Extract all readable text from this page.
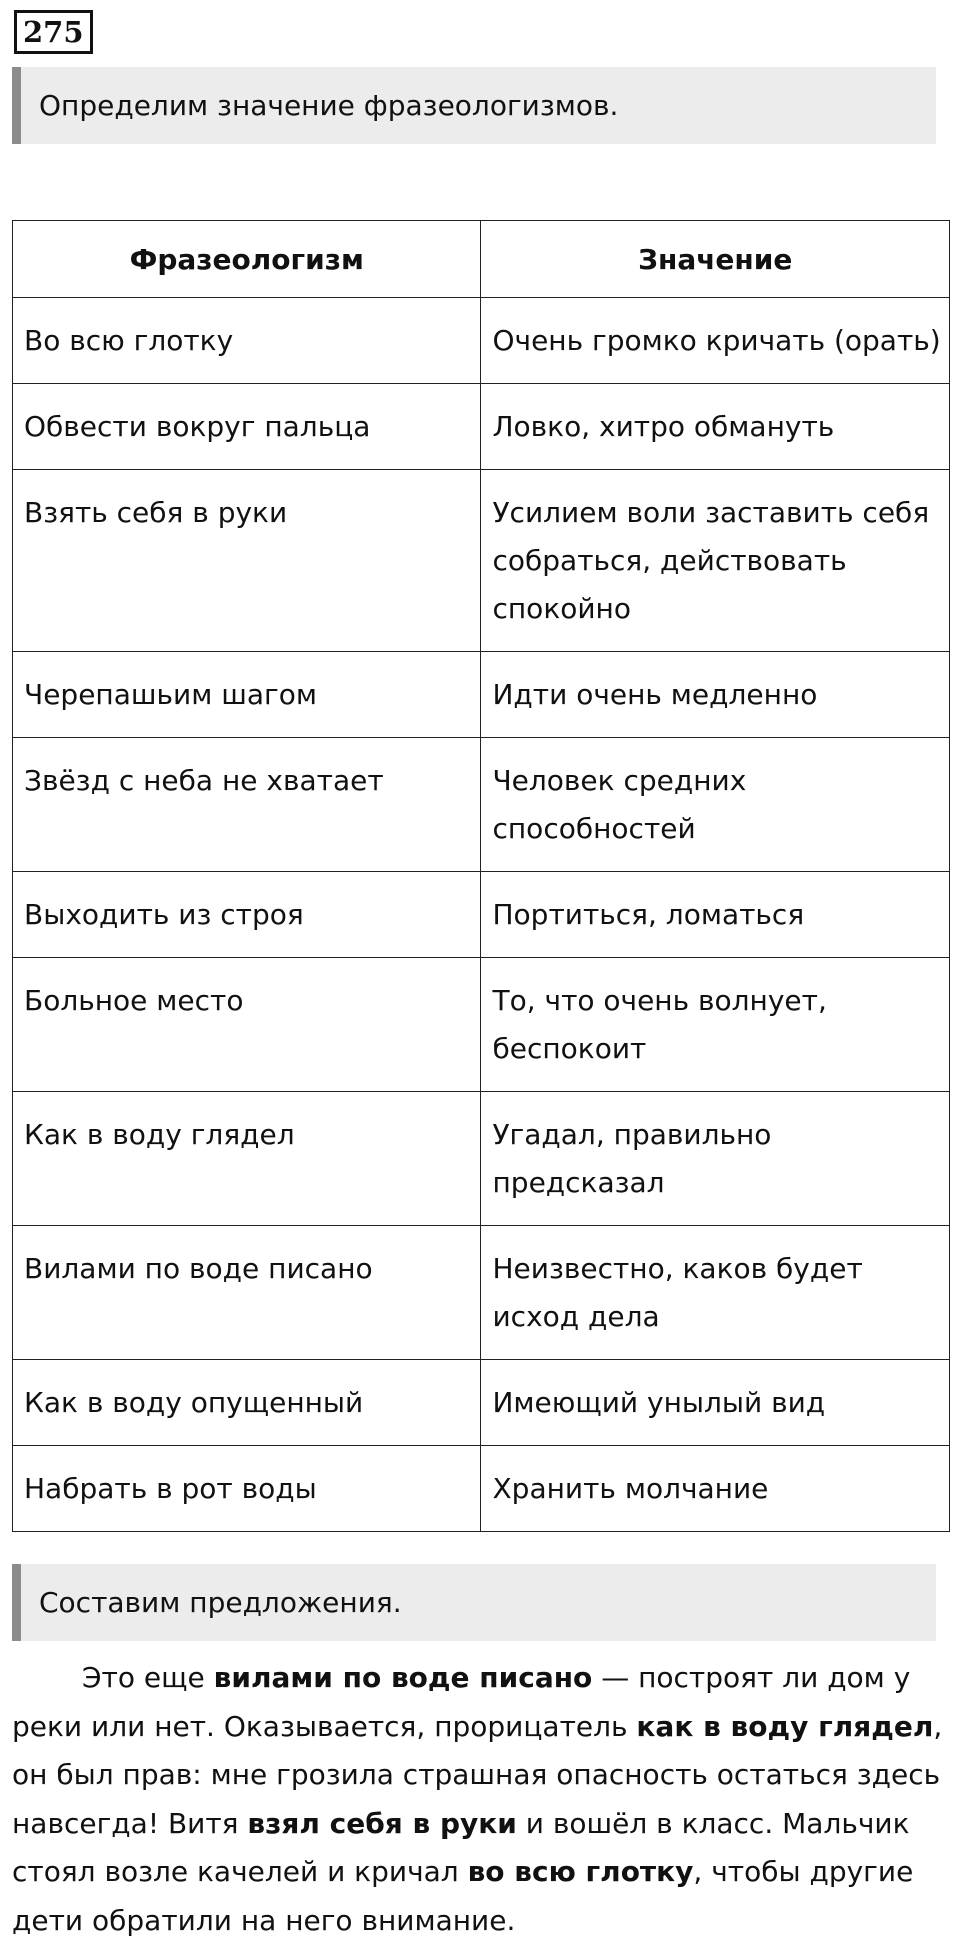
275
Определим значение фразеологизмов.
Фразеологизм	Значение
Во всю глотку	Очень громко кричать (орать)
Обвести вокруг пальца	Ловко, хитро обмануть
Взять себя в руки	Усилием воли заставить себя собраться, действовать спокойно
Черепашьим шагом	Идти очень медленно
Звёзд с неба не хватает	Человек средних способностей
Выходить из строя	Портиться, ломаться
Больное место	То, что очень волнует, беспокоит
Как в воду глядел	Угадал, правильно предсказал
Вилами по воде писано	Неизвестно, каков будет исход дела
Как в воду опущенный	Имеющий унылый вид
Набрать в рот воды	Хранить молчание
Составим предложения.
Это еще вилами по воде писано — построят ли дом у реки или нет. Оказывается, прорицатель как в воду глядел, он был прав: мне грозила страшная опасность остаться здесь навсегда! Витя взял себя в руки и вошёл в класс. Мальчик стоял возле качелей и кричал во всю глотку, чтобы другие дети обратили на него внимание.
